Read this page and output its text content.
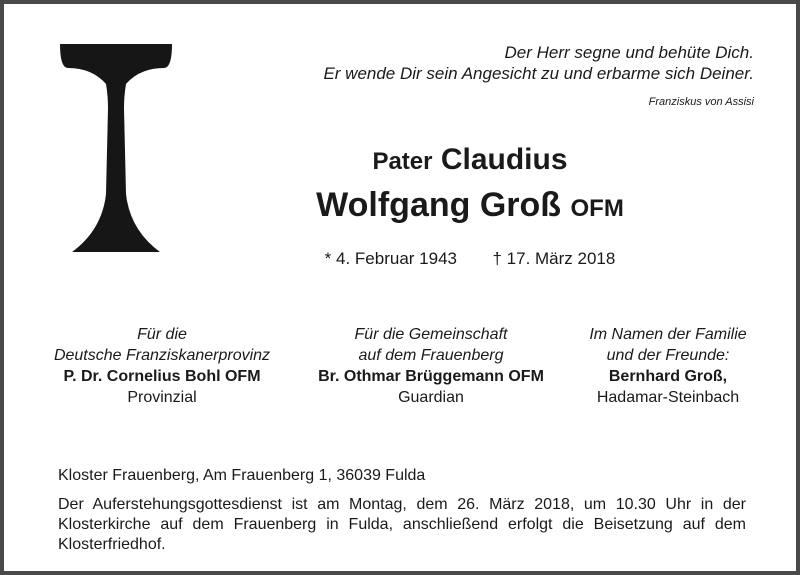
Der Herr segne und behüte Dich.
Er wende Dir sein Angesicht zu und erbarme sich Deiner.
Franziskus von Assisi
Pater Claudius
Wolfgang Groß OFM
* 4. Februar 1943 † 17. März 2018
Für die
Deutsche Franziskanerprovinz
P. Dr. Cornelius Bohl OFM
Provinzial
Für die Gemeinschaft
auf dem Frauenberg
Br. Othmar Brüggemann OFM
Guardian
Im Namen der Familie
und der Freunde:
Bernhard Groß,
Hadamar-Steinbach
Kloster Frauenberg, Am Frauenberg 1, 36039 Fulda
Der Auferstehungsgottesdienst ist am Montag, dem 26. März 2018, um 10.30 Uhr in der Klosterkirche auf dem Frauenberg in Fulda, anschließend erfolgt die Beisetzung auf dem Klosterfriedhof.
